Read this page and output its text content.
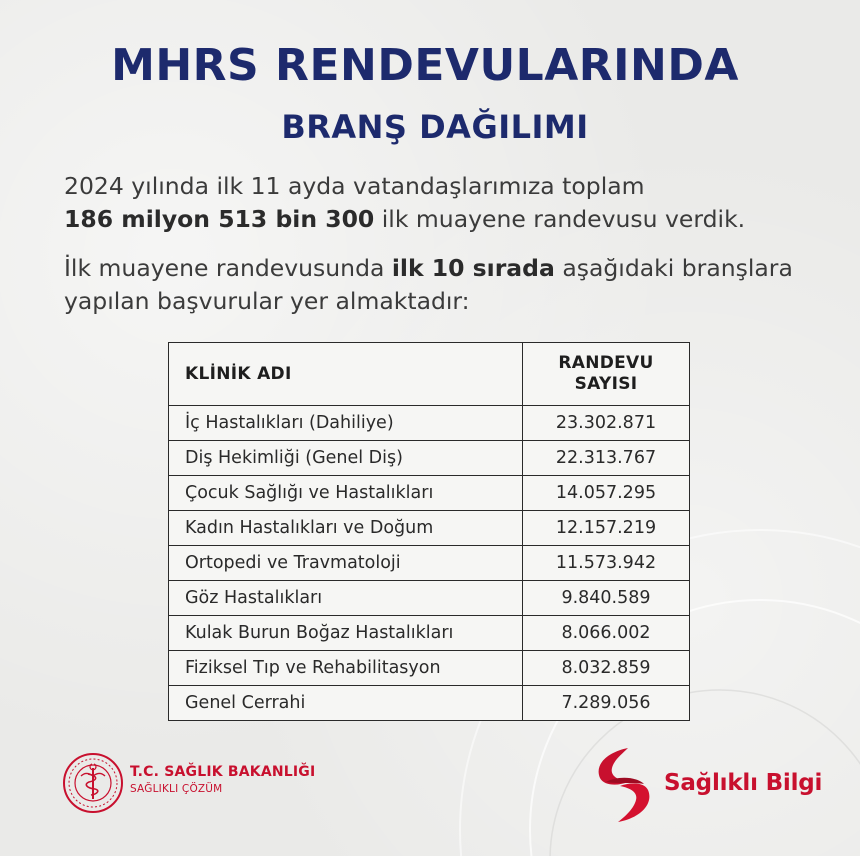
MHRS RENDEVULARINDA
BRANŞ DAĞILIMI

2024 yılında ilk 11 ayda vatandaşlarımıza toplam
186 milyon 513 bin 300 ilk muayene randevusu verdik.

İlk muayene randevusunda ilk 10 sırada aşağıdaki branşlara yapılan başvurular yer almaktadır:

KLİNİK ADI	RANDEVU
SAYISI
İç Hastalıkları (Dahiliye)	23.302.871
Diş Hekimliği (Genel Diş)	22.313.767
Çocuk Sağlığı ve Hastalıkları	14.057.295
Kadın Hastalıkları ve Doğum	12.157.219
Ortopedi ve Travmatoloji	11.573.942
Göz Hastalıkları	9.840.589
Kulak Burun Boğaz Hastalıkları	8.066.002
Fiziksel Tıp ve Rehabilitasyon	8.032.859
Genel Cerrahi	7.289.056
T.C. SAĞLIK BAKANLIĞI
SAĞLIKLI ÇÖZÜM	Sağlıklı Bilgi
